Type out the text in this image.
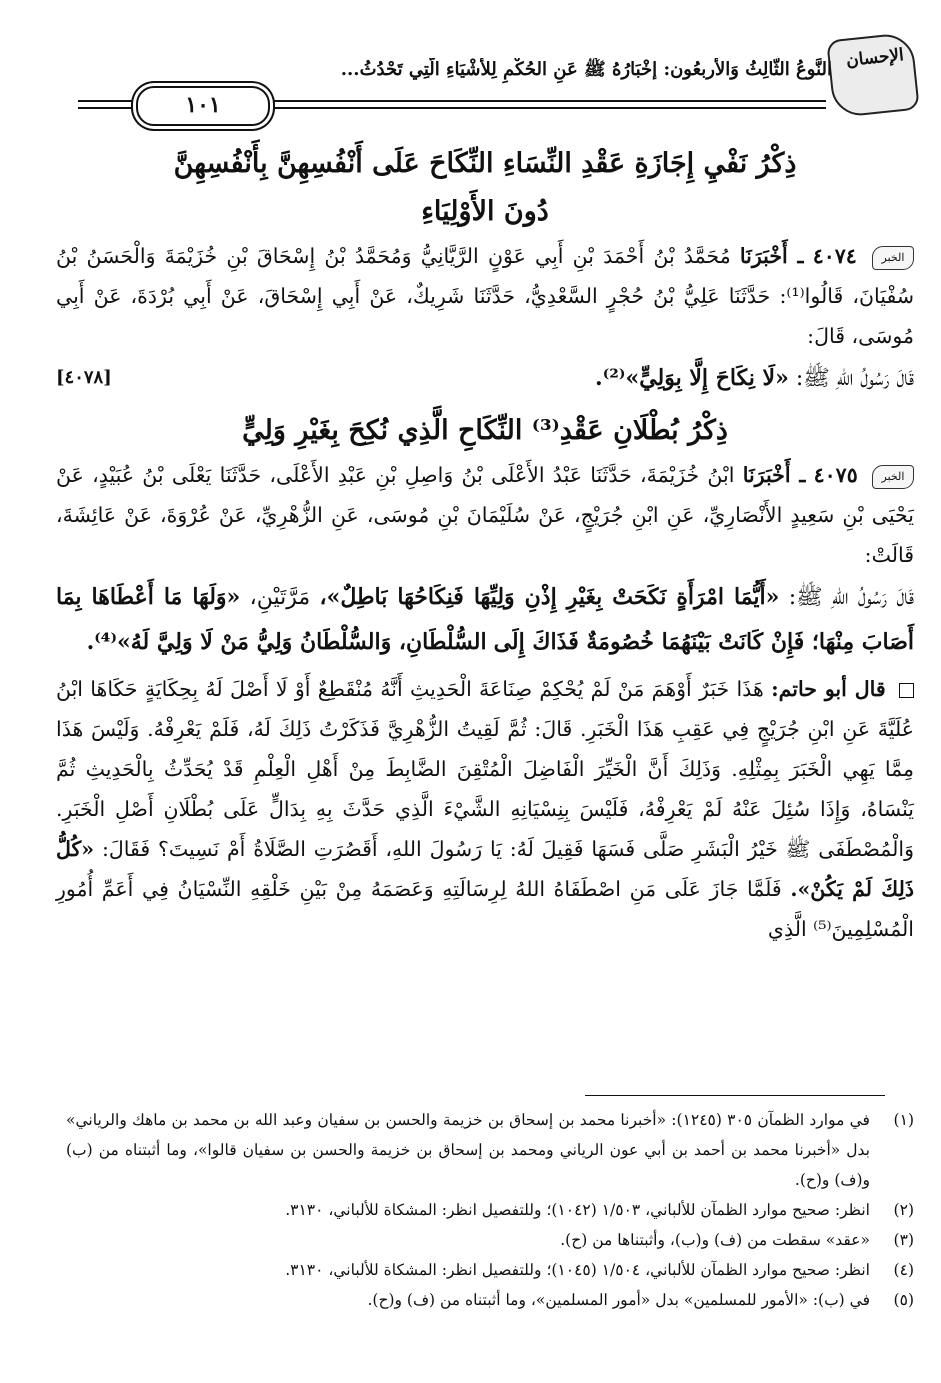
الإحسان
النَّوعُ الثَّالِثُ وَالأربعُون: إخْبَارُهُ ﷺ عَنِ الحُكْمِ لِلأَشْيَاءِ الَّتِي تَحْدُثُ...
١٠١
ذِكْرُ نَفْيِ إِجَازَةِ عَقْدِ النِّسَاءِ النِّكَاحَ عَلَى أَنْفُسِهِنَّ بِأَنْفُسِهِنَّ
دُونَ الأَوْلِيَاءِ

الخبر ٤٠٧٤ ـ أَخْبَرَنَا مُحَمَّدُ بْنُ أَحْمَدَ بْنِ أَبِي عَوْنٍ الرَّيَّانِيُّ وَمُحَمَّدُ بْنُ إِسْحَاقَ بْنِ خُزَيْمَةَ وَالْحَسَنُ بْنُ سُفْيَانَ، قَالُوا⁽¹⁾: حَدَّثَنَا عَلِيُّ بْنُ حُجْرٍ السَّعْدِيُّ، حَدَّثَنَا شَرِيكٌ، عَنْ أَبِي إِسْحَاقَ، عَنْ أَبِي بُرْدَةَ، عَنْ أَبِي مُوسَى، قَالَ:

[٤٠٧٨]	قَالَ رَسُولُ اللهِ ﷺ: «لَا نِكَاحَ إِلَّا بِوَلِيٍّ»⁽²⁾.

ذِكْرُ بُطْلَانِ عَقْدِ⁽³⁾ النِّكَاحِ الَّذِي نُكِحَ بِغَيْرِ وَلِيٍّ

الخبر ٤٠٧٥ ـ أَخْبَرَنَا ابْنُ خُزَيْمَةَ، حَدَّثَنَا عَبْدُ الأَعْلَى بْنُ وَاصِلِ بْنِ عَبْدِ الأَعْلَى، حَدَّثَنَا يَعْلَى بْنُ عُبَيْدٍ، عَنْ يَحْيَى بْنِ سَعِيدٍ الأَنْصَارِيِّ، عَنِ ابْنِ جُرَيْجٍ، عَنْ سُلَيْمَانَ بْنِ مُوسَى، عَنِ الزُّهْرِيِّ، عَنْ عُرْوَةَ، عَنْ عَائِشَةَ، قَالَتْ:

قَالَ رَسُولُ اللهِ ﷺ: «أَيُّمَا امْرَأَةٍ نَكَحَتْ بِغَيْرِ إِذْنِ وَلِيِّهَا فَنِكَاحُهَا بَاطِلٌ»، مَرَّتَيْنِ، «وَلَهَا مَا أَعْطَاهَا بِمَا أَصَابَ مِنْهَا؛ فَإِنْ كَانَتْ بَيْنَهُمَا خُصُومَةٌ فَذَاكَ إِلَى السُّلْطَانِ، وَالسُّلْطَانُ وَلِيُّ مَنْ لَا وَلِيَّ لَهُ»⁽⁴⁾.

قال أبو حاتم: هَذَا خَبَرٌ أَوْهَمَ مَنْ لَمْ يُحْكِمْ صِنَاعَةَ الْحَدِيثِ أَنَّهُ مُنْقَطِعٌ أَوْ لَا أَصْلَ لَهُ بِحِكَايَةٍ حَكَاهَا ابْنُ عُلَيَّةَ عَنِ ابْنِ جُرَيْجٍ فِي عَقِبِ هَذَا الْخَبَرِ. قَالَ: ثُمَّ لَقِيتُ الزُّهْرِيَّ فَذَكَرْتُ ذَلِكَ لَهُ، فَلَمْ يَعْرِفْهُ. وَلَيْسَ هَذَا مِمَّا يَهِي الْخَبَرَ بِمِثْلِهِ. وَذَلِكَ أَنَّ الْخَيِّرَ الْفَاضِلَ الْمُتْقِنَ الضَّابِطَ مِنْ أَهْلِ الْعِلْمِ قَدْ يُحَدِّثُ بِالْحَدِيثِ ثُمَّ يَنْسَاهُ، وَإِذَا سُئِلَ عَنْهُ لَمْ يَعْرِفْهُ، فَلَيْسَ بِنِسْيَانِهِ الشَّيْءَ الَّذِي حَدَّثَ بِهِ بِدَالٍّ عَلَى بُطْلَانِ أَصْلِ الْخَبَرِ. وَالْمُصْطَفَى ﷺ خَيْرُ الْبَشَرِ صَلَّى فَسَهَا فَقِيلَ لَهُ: يَا رَسُولَ اللهِ، أَقَصُرَتِ الصَّلَاةُ أَمْ نَسِيتَ؟ فَقَالَ: «كُلُّ ذَلِكَ لَمْ يَكُنْ». فَلَمَّا جَازَ عَلَى مَنِ اصْطَفَاهُ اللهُ لِرِسَالَتِهِ وَعَصَمَهُ مِنْ بَيْنِ خَلْقِهِ النِّسْيَانُ فِي أَعَمِّ أُمُورِ الْمُسْلِمِينَ⁽⁵⁾ الَّذِي

(١)
في موارد الظمآن ٣٠٥ (١٢٤٥): «أخبرنا محمد بن إسحاق بن خزيمة والحسن بن سفيان وعبد الله بن محمد بن ماهك والرياني» بدل «أخبرنا محمد بن أحمد بن أبي عون الرياني ومحمد بن إسحاق بن خزيمة والحسن بن سفيان قالوا»، وما أثبتناه من (ب) و(ف) و(ح).

(٢)
انظر: صحيح موارد الظمآن للألباني، ١/٥٠٣ (١٠٤٢)؛ وللتفصيل انظر: المشكاة للألباني، ٣١٣٠.

(٣)
«عقد» سقطت من (ف) و(ب)، وأثبتناها من (ح).

(٤)
انظر: صحيح موارد الظمآن للألباني، ١/٥٠٤ (١٠٤٥)؛ وللتفصيل انظر: المشكاة للألباني، ٣١٣٠.

(٥)
في (ب): «الأمور للمسلمين» بدل «أمور المسلمين»، وما أثبتناه من (ف) و(ح).
